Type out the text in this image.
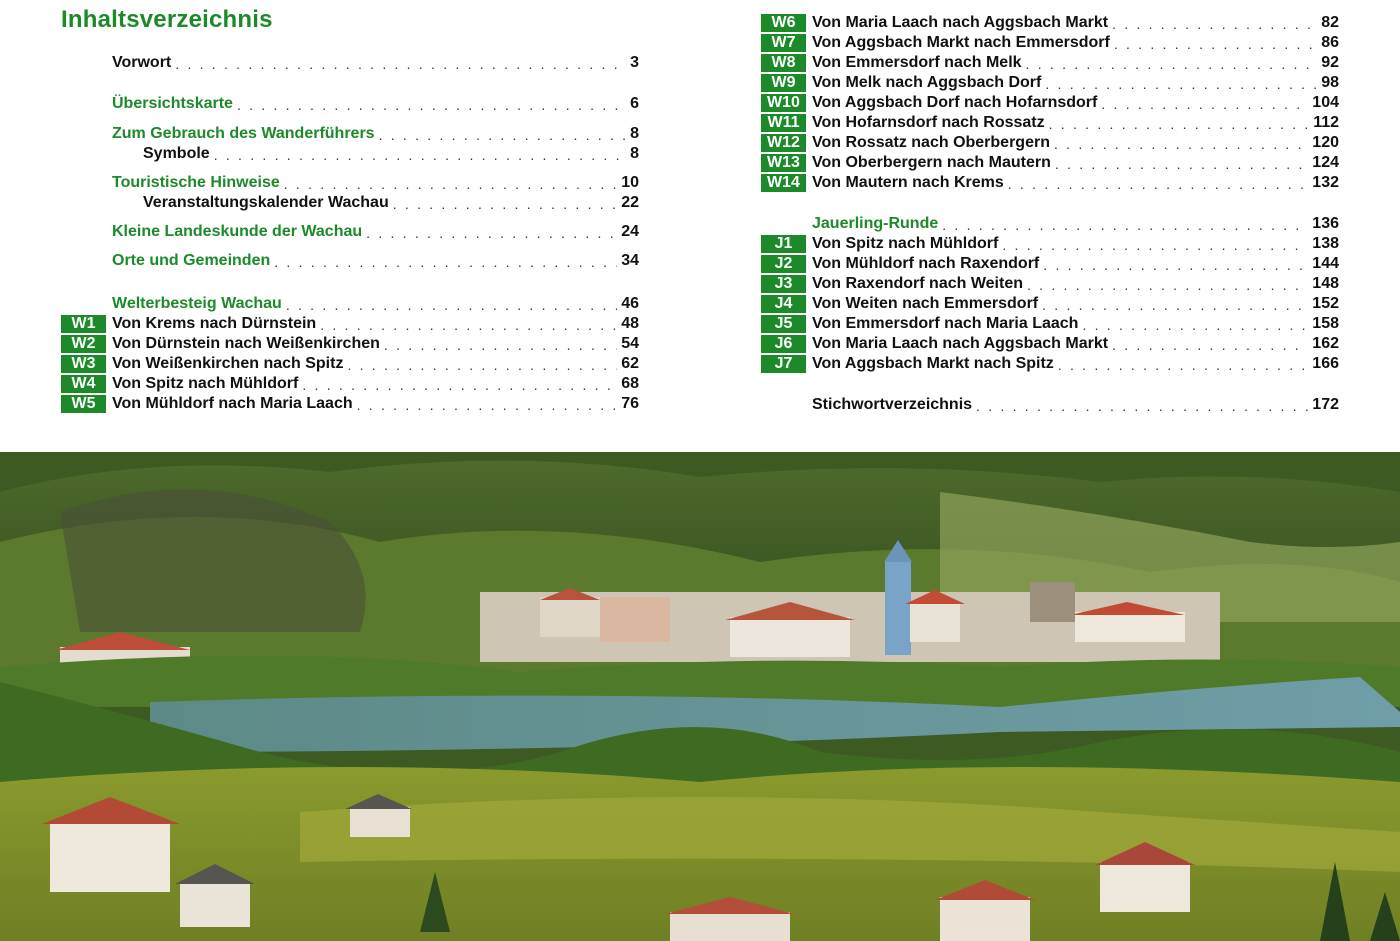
Inhaltsverzeichnis
Vorwort . . .	3
Übersichtskarte . . .	6
Zum Gebrauch des Wanderführers . . .	8
Symbole . . .	8
Touristische Hinweise . . .	10
Veranstaltungskalender Wachau . . .	22
Kleine Landeskunde der Wachau . . .	24
Orte und Gemeinden . . .	34
Welterbesteig Wachau . . .	46
W1	Von Krems nach Dürnstein . . .	48
W2	Von Dürnstein nach Weißenkirchen . . .	54
W3	Von Weißenkirchen nach Spitz . . .	62
W4	Von Spitz nach Mühldorf . . .	68
W5	Von Mühldorf nach Maria Laach . . .	76
W6	Von Maria Laach nach Aggsbach Markt . . .	82
W7	Von Aggsbach Markt nach Emmersdorf . . .	86
W8	Von Emmersdorf nach Melk . . .	92
W9	Von Melk nach Aggsbach Dorf . . .	98
W10 Von Aggsbach Dorf nach Hofarnsdorf . . .	104
W11 Von Hofarnsdorf nach Rossatz . . .	112
W12 Von Rossatz nach Oberbergern . . .	120
W13 Von Oberbergern nach Mautern . . .	124
W14 Von Mautern nach Krems . . .	132
Jauerling-Runde . . .	136
J1	Von Spitz nach Mühldorf . . .	138
J2	Von Mühldorf nach Raxendorf . . .	144
J3	Von Raxendorf nach Weiten . . .	148
J4	Von Weiten nach Emmersdorf . . .	152
J5	Von Emmersdorf nach Maria Laach . . .	158
J6	Von Maria Laach nach Aggsbach Markt . . .	162
J7	Von Aggsbach Markt nach Spitz . . .	166
Stichwortverzeichnis . . .	172
